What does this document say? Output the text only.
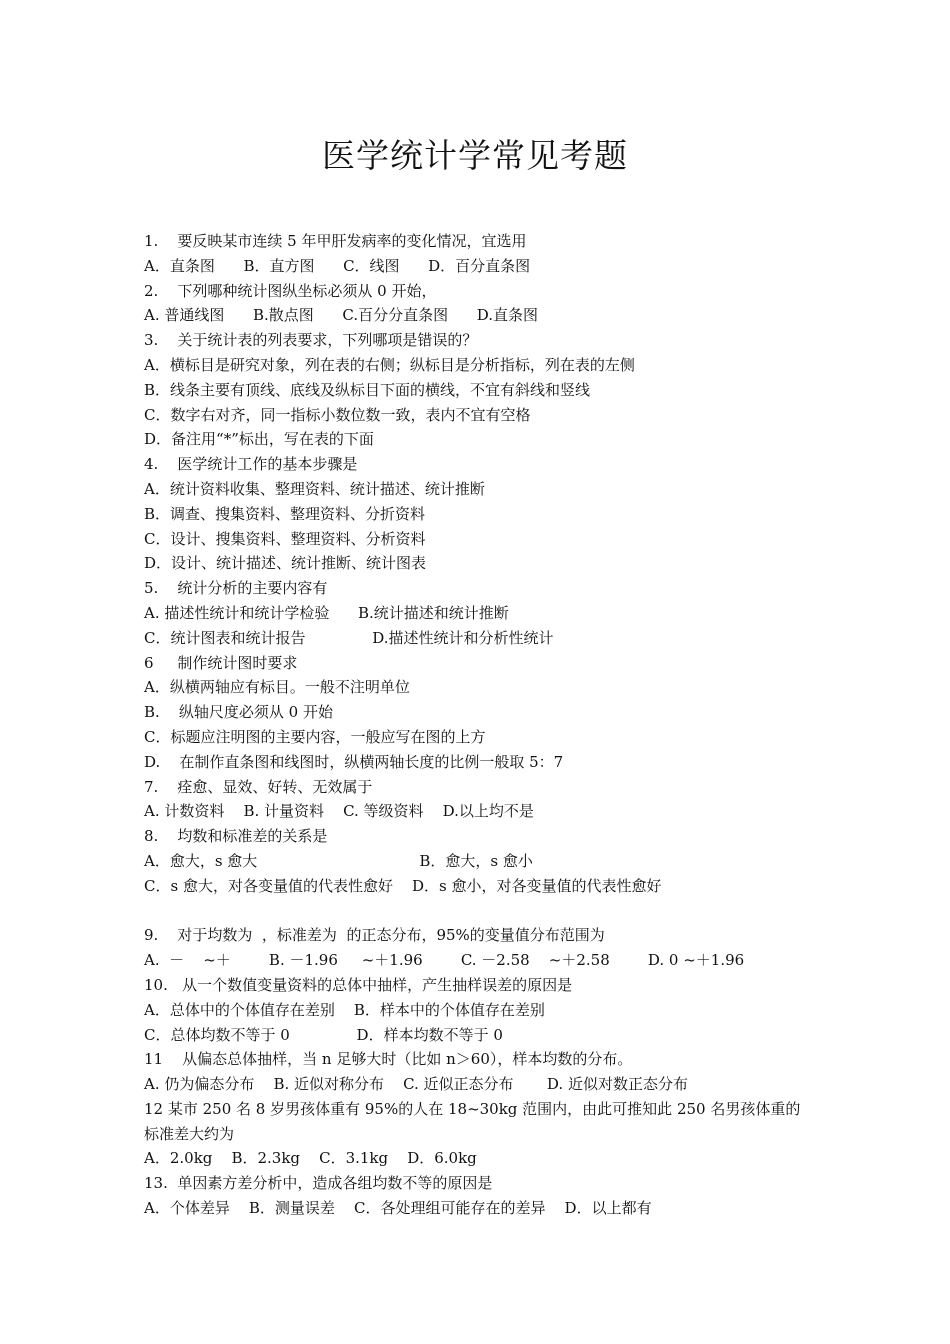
医学统计学常见考题
1.    要反映某市连续 5 年甲肝发病率的变化情况，宜选用
A．直条图      B．直方图      C．线图      D．百分直条图
2.    下列哪种统计图纵坐标必须从 0 开始，
A. 普通线图      B.散点图      C.百分分直条图      D.直条图
3.    关于统计表的列表要求，下列哪项是错误的？
A．横标目是研究对象，列在表的右侧；纵标目是分析指标，列在表的左侧
B．线条主要有顶线、底线及纵标目下面的横线，不宜有斜线和竖线
C．数字右对齐，同一指标小数位数一致，表内不宜有空格
D．备注用“*”标出，写在表的下面
4.    医学统计工作的基本步骤是
A．统计资料收集、整理资料、统计描述、统计推断
B．调查、搜集资料、整理资料、分折资料
C．设计、搜集资料、整理资料、分析资料
D．设计、统计描述、统计推断、统计图表
5.    统计分析的主要内容有
A. 描述性统计和统计学检验      B.统计描述和统计推断
C．统计图表和统计报告              D.描述性统计和分析性统计
6     制作统计图时要求
A．纵横两轴应有标目。一般不注明单位
B.    纵轴尺度必须从 0 开始
C．标题应注明图的主要内容，一般应写在图的上方
D.    在制作直条图和线图时，纵横两轴长度的比例一般取 5：7
7.    痊愈、显效、好转、无效属于
A. 计数资料    B. 计量资料    C. 等级资料    D.以上均不是
8.    均数和标准差的关系是
A．愈大，s 愈大                                  B．愈大，s 愈小
C．s 愈大，对各变量值的代表性愈好    D．s 愈小，对各变量值的代表性愈好
9.    对于均数为  ，标准差为  的正态分布，95%的变量值分布范围为
A.  －    ~＋        B. －1.96     ~＋1.96        C. －2.58    ~＋2.58        D. 0 ~＋1.96
10.   从一个数值变量资料的总体中抽样，产生抽样误差的原因是
A．总体中的个体值存在差别    B．样本中的个体值存在差别
C．总体均数不等于 0              D．样本均数不等于 0
11    从偏态总体抽样，当 n 足够大时（比如 n＞60），样本均数的分布。
A. 仍为偏态分布    B. 近似对称分布    C. 近似正态分布       D. 近似对数正态分布
12 某市 250 名 8 岁男孩体重有 95%的人在 18~30kg 范围内，由此可推知此 250 名男孩体重的标准差大约为
A．2.0kg    B．2.3kg    C．3.1kg    D．6.0kg
13.  单因素方差分析中，造成各组均数不等的原因是
A．个体差异    B．测量误差    C．各处理组可能存在的差异    D．以上都有
